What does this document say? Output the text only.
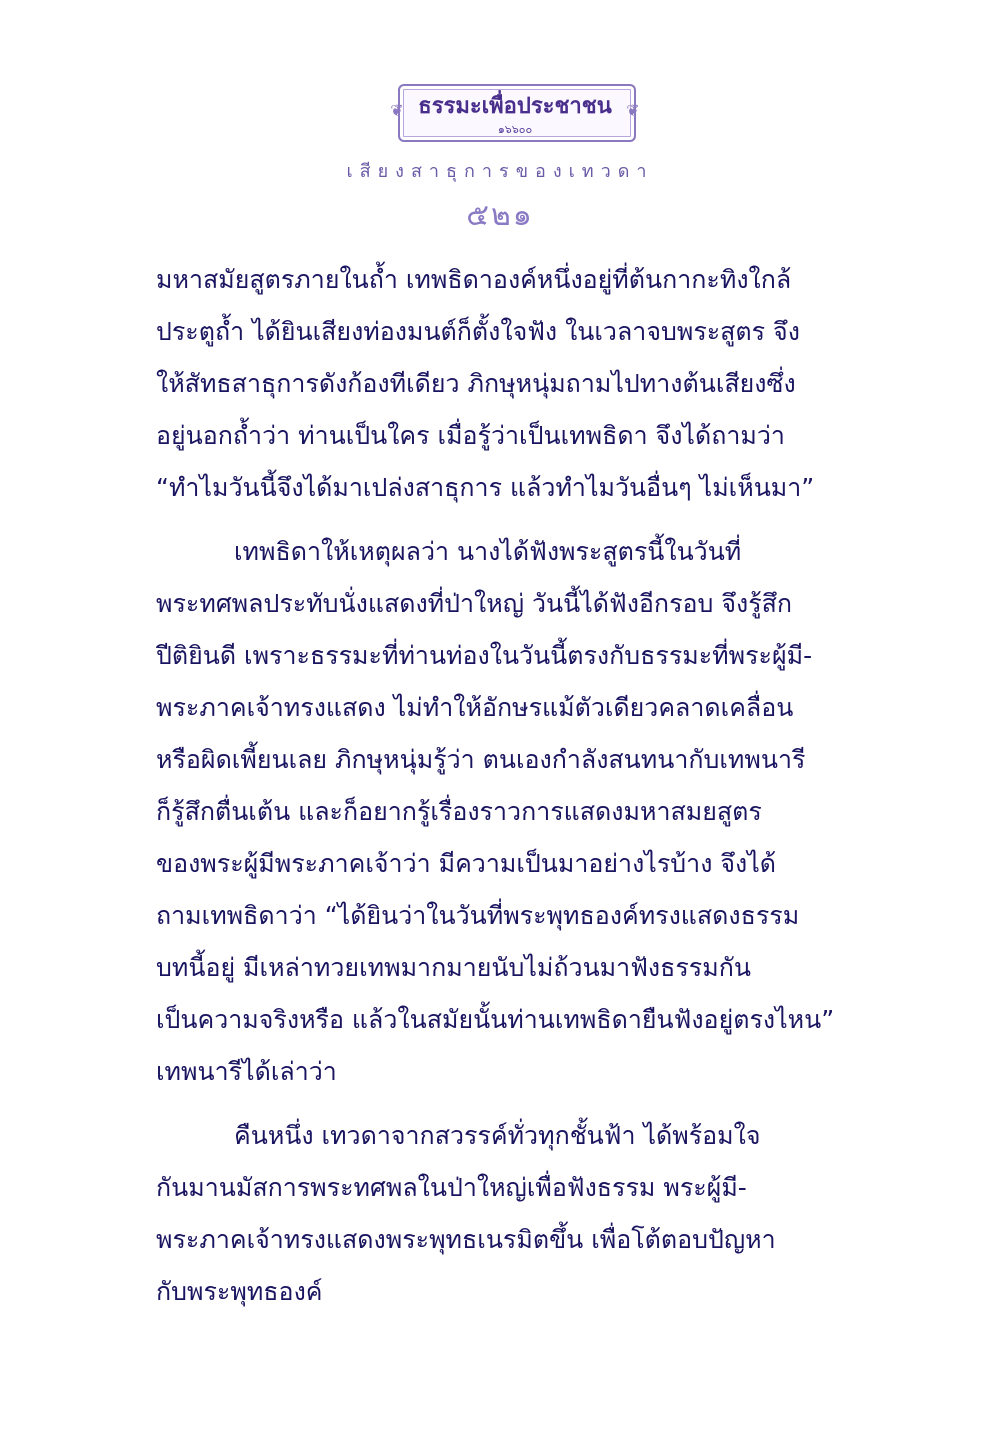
❦	❦
ธรรมะเพื่อประชาชน
๑๖๖๐๐
เสียงสาธุการของเทวดา
๕๒๑
มหาสมัยสูตรภายในถ้ำ เทพธิดาองค์หนึ่งอยู่ที่ต้นกากะทิงใกล้
ประตูถ้ำ ได้ยินเสียงท่องมนต์ก็ตั้งใจฟัง ในเวลาจบพระสูตร จึง
ให้สัทธสาธุการดังก้องทีเดียว ภิกษุหนุ่มถามไปทางต้นเสียงซึ่ง
อยู่นอกถ้ำว่า ท่านเป็นใคร เมื่อรู้ว่าเป็นเทพธิดา จึงได้ถามว่า
“ทำไมวันนี้จึงได้มาเปล่งสาธุการ แล้วทำไมวันอื่นๆ ไม่เห็นมา”
เทพธิดาให้เหตุผลว่า นางได้ฟังพระสูตรนี้ในวันที่
พระทศพลประทับนั่งแสดงที่ป่าใหญ่ วันนี้ได้ฟังอีกรอบ จึงรู้สึก
ปีติยินดี เพราะธรรมะที่ท่านท่องในวันนี้ตรงกับธรรมะที่พระผู้มี-
พระภาคเจ้าทรงแสดง ไม่ทำให้อักษรแม้ตัวเดียวคลาดเคลื่อน
หรือผิดเพี้ยนเลย ภิกษุหนุ่มรู้ว่า ตนเองกำลังสนทนากับเทพนารี
ก็รู้สึกตื่นเต้น และก็อยากรู้เรื่องราวการแสดงมหาสมยสูตร
ของพระผู้มีพระภาคเจ้าว่า มีความเป็นมาอย่างไรบ้าง จึงได้
ถามเทพธิดาว่า “ได้ยินว่าในวันที่พระพุทธองค์ทรงแสดงธรรม
บทนี้อยู่ มีเหล่าทวยเทพมากมายนับไม่ถ้วนมาฟังธรรมกัน
เป็นความจริงหรือ แล้วในสมัยนั้นท่านเทพธิดายืนฟังอยู่ตรงไหน”
เทพนารีได้เล่าว่า
คืนหนึ่ง เทวดาจากสวรรค์ทั่วทุกชั้นฟ้า ได้พร้อมใจ
กันมานมัสการพระทศพลในป่าใหญ่เพื่อฟังธรรม พระผู้มี-
พระภาคเจ้าทรงแสดงพระพุทธเนรมิตขึ้น เพื่อโต้ตอบปัญหา
กับพระพุทธองค์
